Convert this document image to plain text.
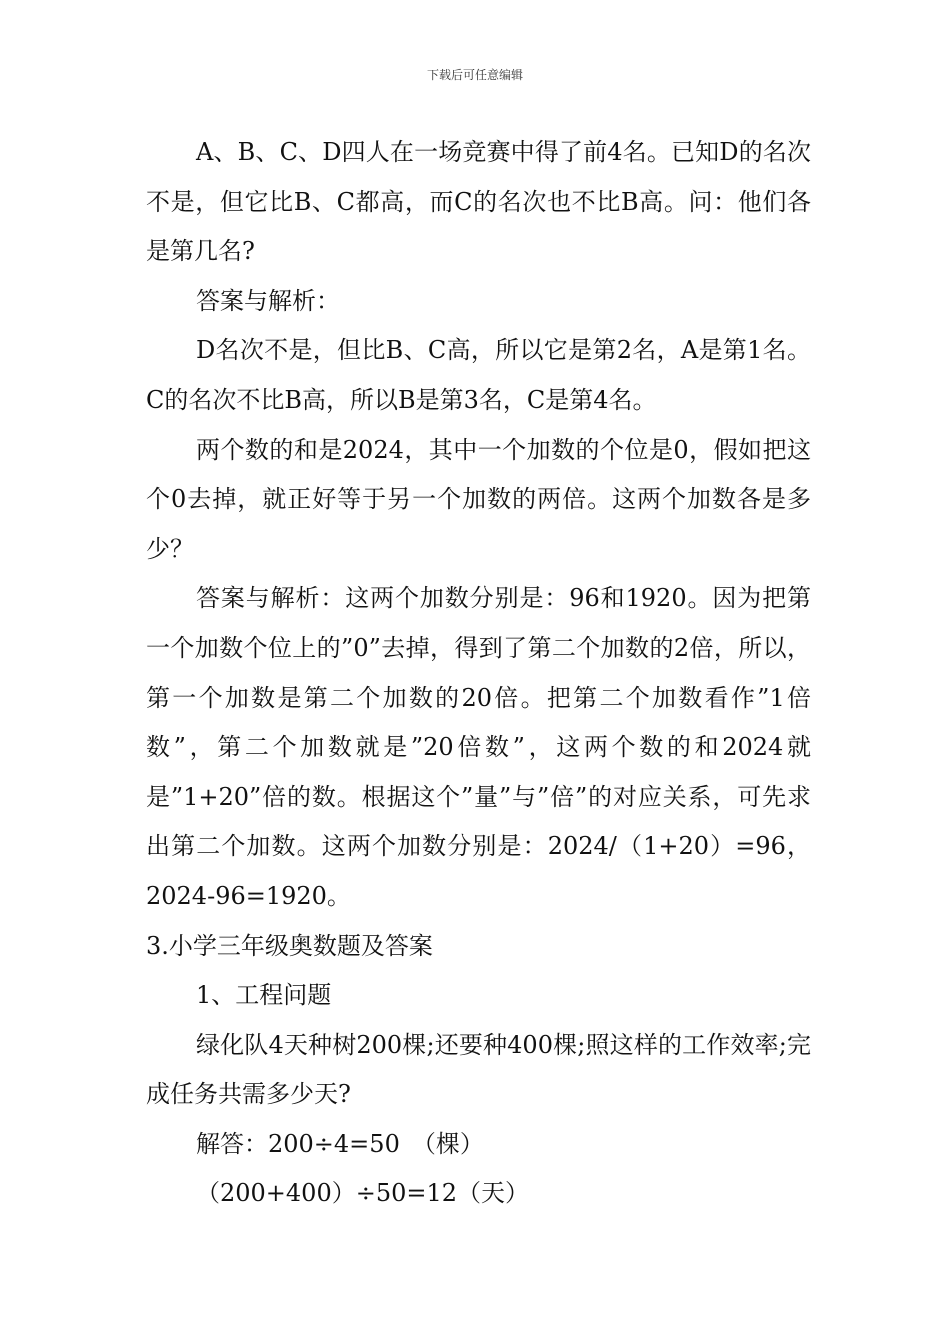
下载后可任意编辑

A、B、C、D四人在一场竞赛中得了前4名。已知D的名次不是，但它比B、C都高，而C的名次也不比B高。问：他们各是第几名?

答案与解析：

D名次不是，但比B、C高，所以它是第2名，A是第1名。C的名次不比B高，所以B是第3名，C是第4名。

两个数的和是2024，其中一个加数的个位是0，假如把这个0去掉，就正好等于另一个加数的两倍。这两个加数各是多少？

答案与解析：这两个加数分别是：96和1920。因为把第一个加数个位上的”0”去掉，得到了第二个加数的2倍，所以，第一个加数是第二个加数的20倍。把第二个加数看作”1倍数”，第二个加数就是”20倍数”，这两个数的和2024就是”1+20”倍的数。根据这个”量”与”倍”的对应关系，可先求出第二个加数。这两个加数分别是：2024/（1+20）=96，2024-96=1920。

3.小学三年级奥数题及答案

1、工程问题

绿化队4天种树200棵;还要种400棵;照这样的工作效率;完成任务共需多少天?

解答：200÷4=50　（棵）

（200+400）÷50=12（天）
